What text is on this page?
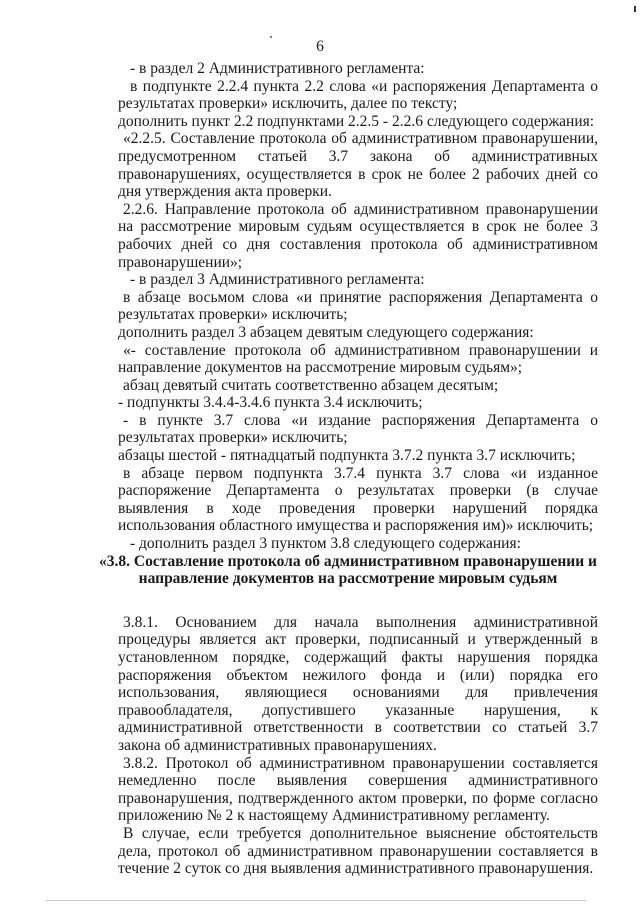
6

- в раздел 2 Административного регламента:

в подпункте 2.2.4 пункта 2.2 слова «и распоряжения Департамента о результатах проверки» исключить, далее по тексту;

дополнить пункт 2.2 подпунктами 2.2.5 - 2.2.6 следующего содержания:

«2.2.5. Составление протокола об административном правонарушении, предусмотренном статьей 3.7 закона об административных правонарушениях, осуществляется в срок не более 2 рабочих дней со дня утверждения акта проверки.

2.2.6. Направление протокола об административном правонарушении на рассмотрение мировым судьям осуществляется в срок не более 3 рабочих дней со дня составления протокола об административном правонарушении»;

- в раздел 3 Административного регламента:

в абзаце восьмом слова «и принятие распоряжения Департамента о результатах проверки» исключить;

дополнить раздел 3 абзацем девятым следующего содержания:

«- составление протокола об административном правонарушении и направление документов на рассмотрение мировым судьям»;

абзац девятый считать соответственно абзацем десятым;

- подпункты 3.4.4-3.4.6 пункта 3.4 исключить;

- в пункте 3.7 слова «и издание распоряжения Департамента о результатах проверки» исключить;

абзацы шестой - пятнадцатый подпункта 3.7.2 пункта 3.7 исключить;

в абзаце первом подпункта 3.7.4 пункта 3.7 слова «и изданное распоряжение Департамента о результатах проверки (в случае выявления в ходе проведения проверки нарушений порядка использования областного имущества и распоряжения им)» исключить;

- дополнить раздел 3 пунктом 3.8 следующего содержания:

«3.8. Составление протокола об административном правонарушении и направление документов на рассмотрение мировым судьям

3.8.1. Основанием для начала выполнения административной процедуры является акт проверки, подписанный и утвержденный в установленном порядке, содержащий факты нарушения порядка распоряжения объектом нежилого фонда и (или) порядка его использования, являющиеся основаниями для привлечения правообладателя, допустившего указанные нарушения, к административной ответственности в соответствии со статьей 3.7 закона об административных правонарушениях.

3.8.2. Протокол об административном правонарушении составляется немедленно после выявления совершения административного правонарушения, подтвержденного актом проверки, по форме согласно приложению № 2 к настоящему Административному регламенту.

В случае, если требуется дополнительное выяснение обстоятельств дела, протокол об административном правонарушении составляется в течение 2 суток со дня выявления административного правонарушения.
